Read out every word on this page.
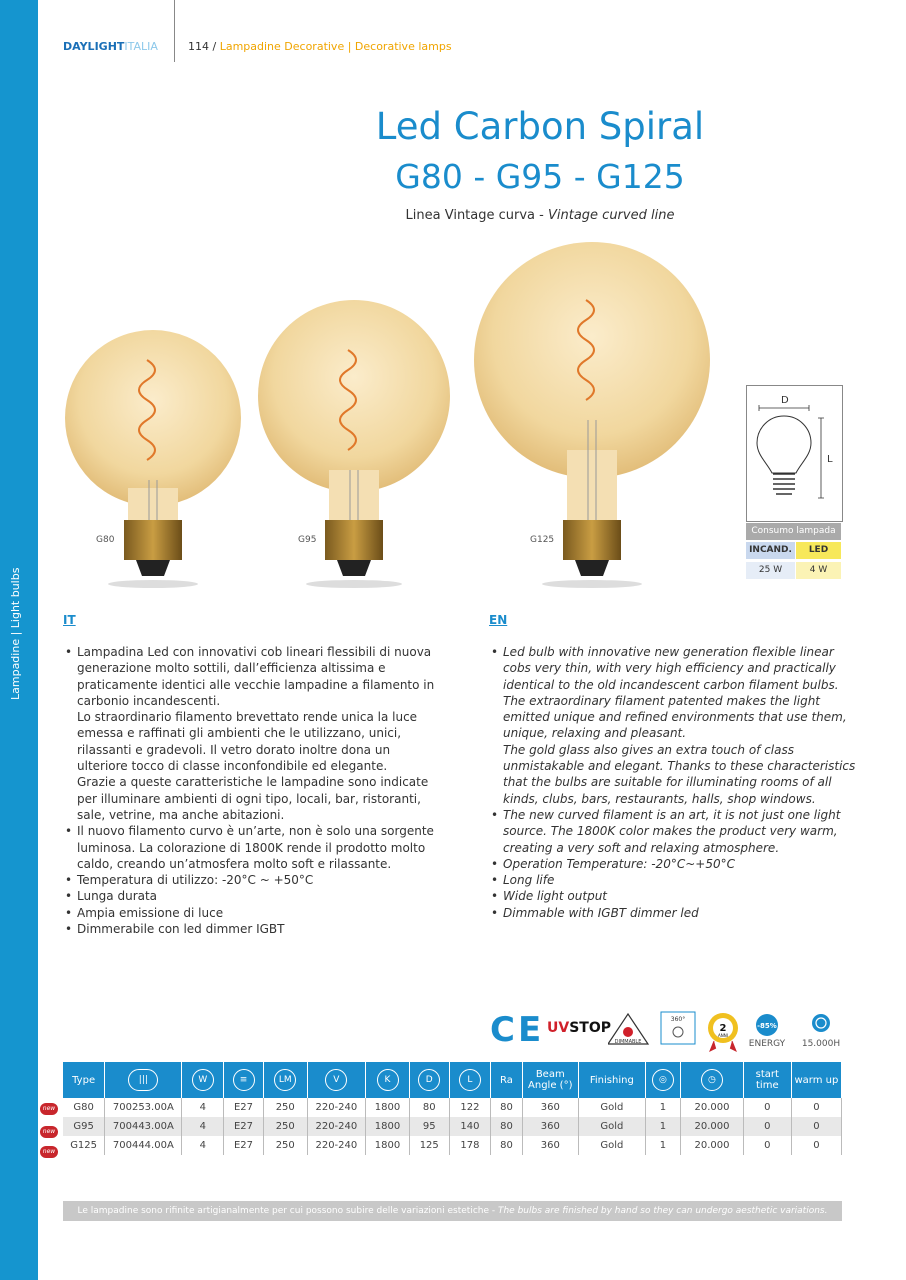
Lampadine | Light bulbs
DAYLIGHTITALIA	114 / Lampadine Decorative | Decorative lamps
Led Carbon Spiral
G80 - G95 - G125
Linea Vintage curva - Vintage curved line
G80	G95	G125
D
L
Consumo lampada
INCAND.	LED
25 W	4 W
IT

• Lampadina Led con innovativi cob lineari flessibili di nuova generazione molto sottili, dall’efficienza altissima e praticamente identici alle vecchie lampadine a filamento in carbonio incandescenti.

Lo straordinario filamento brevettato rende unica la luce emessa e raffinati gli ambienti che le utilizzano, unici, rilassanti e gradevoli. Il vetro dorato inoltre dona un ulteriore tocco di classe inconfondibile ed elegante.

Grazie a queste caratteristiche le lampadine sono indicate per illuminare ambienti di ogni tipo, locali, bar, ristoranti, sale, vetrine, ma anche abitazioni.

• Il nuovo filamento curvo è un’arte, non è solo una sorgente luminosa. La colorazione di 1800K rende il prodotto molto caldo, creando un’atmosfera molto soft e rilassante.

• Temperatura di utilizzo: -20°C ~ +50°C

• Lunga durata

• Ampia emissione di luce

• Dimmerabile con led dimmer IGBT

EN

• Led bulb with innovative new generation flexible linear cobs very thin, with very high efficiency and practically identical to the old incandescent carbon filament bulbs.

The extraordinary filament patented makes the light emitted unique and refined environments that use them, unique, relaxing and pleasant.

The gold glass also gives an extra touch of class unmistakable and elegant. Thanks to these characteristics that the bulbs are suitable for illuminating rooms of all kinds, clubs, bars, restaurants, halls, shop windows.

• The new curved filament is an art, it is not just one light source. The 1800K color makes the product very warm, creating a very soft and relaxing atmosphere.

• Operation Temperature: -20°C~+50°C

• Long life

• Wide light output

• Dimmable with IGBT dimmer led

CE UVSTOP
DIMMABLE
360°
2
ANNI
-85%
ENERGY 15.000H
Type	|||	W	≡	LM	V	K	D	L	Ra	Beam Angle (°)	Finishing	◎	◷	start time	warm up
G80	700253.00A	4	E27	250	220-240	1800	80	122	80	360	Gold	1	20.000	0	0
G95	700443.00A	4	E27	250	220-240	1800	95	140	80	360	Gold	1	20.000	0	0
G125	700444.00A	4	E27	250	220-240	1800	125	178	80	360	Gold	1	20.000	0	0
new
new
new
Le lampadine sono rifinite artigianalmente per cui possono subire delle variazioni estetiche - The bulbs are finished by hand so they can undergo aesthetic variations.
